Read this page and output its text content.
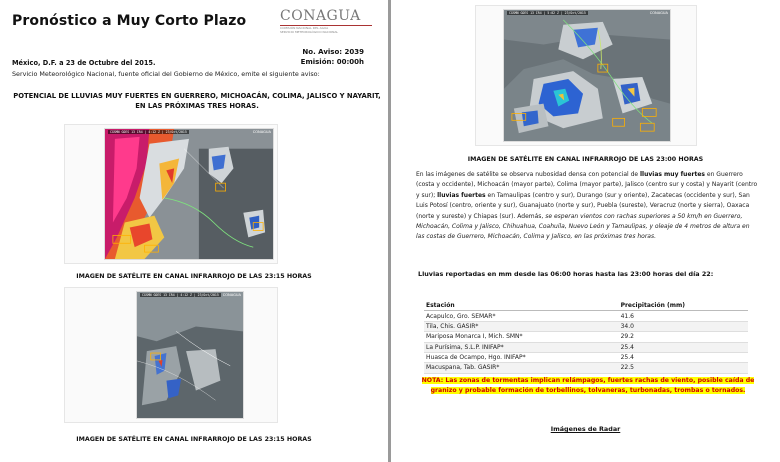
Pronóstico a Muy Corto Plazo CONAGUA
COMISIÓN NACIONAL DEL AGUA
SERVICIO METEOROLÓGICO NACIONAL
No. Aviso: 2039
Emisión: 00:00h
México, D.F. a 23 de Octubre del 2015.
Servicio Meteorológico Nacional, fuente oficial del Gobierno de México, emite el siguiente aviso:
POTENCIAL DE LLUVIAS MUY FUERTES EN GUERRERO, MICHOACÁN, COLIMA, JALISCO Y NAYARIT, EN LAS PRÓXIMAS TRES HORAS.
CGSMN GOES 13 IR4 | 4:12 Z | 23/Oct/2015	CONAGUA
IMAGEN DE SATÉLITE EN CANAL INFRARROJO DE LAS 23:15 HORAS
CGSMN GOES 13 IR4 | 4:12 Z | 23/Oct/2015	CONAGUA
IMAGEN DE SATÉLITE EN CANAL INFRARROJO DE LAS 23:15 HORAS
CGSMN GOES 13 IR4 | 5:02 Z | 23/Oct/2015	CONAGUA
IMAGEN DE SATÉLITE EN CANAL INFRARROJO DE LAS 23:00 HORAS
En las imágenes de satélite se observa nubosidad densa con potencial de lluvias muy fuertes en Guerrero (costa y occidente), Michoacán (mayor parte), Colima (mayor parte), Jalisco (centro sur y costa) y Nayarit (centro y sur); lluvias fuertes en Tamaulipas (centro y sur), Durango (sur y oriente), Zacatecas (occidente y sur), San Luis Potosí (centro, oriente y sur), Guanajuato (norte y sur), Puebla (sureste), Veracruz (norte y sierra), Oaxaca (norte y sureste) y Chiapas (sur). Además, se esperan vientos con rachas superiores a 50 km/h en Guerrero, Michoacán, Colima y Jalisco, Chihuahua, Coahuila, Nuevo León y Tamaulipas, y oleaje de 4 metros de altura en las costas de Guerrero, Michoacán, Colima y Jalisco, en las próximas tres horas.
Lluvias reportadas en mm desde las 06:00 horas hasta las 23:00 horas del día 22:
Estación	Precipitación (mm)
Acapulco, Gro. SEMAR*	41.6
Tila, Chis. GASIR*	34.0
Mariposa Monarca I, Mich. SMN*	29.2
La Purísima, S.L.P. INIFAP*	25.4
Huasca de Ocampo, Hgo. INIFAP*	25.4
Macuspana, Tab. GASIR*	22.5
NOTA: Las zonas de tormentas implican relámpagos, fuertes rachas de viento, posible caída de granizo y probable formación de torbellinos, tolvaneras, turbonadas, trombas o tornados.
Imágenes de Radar
